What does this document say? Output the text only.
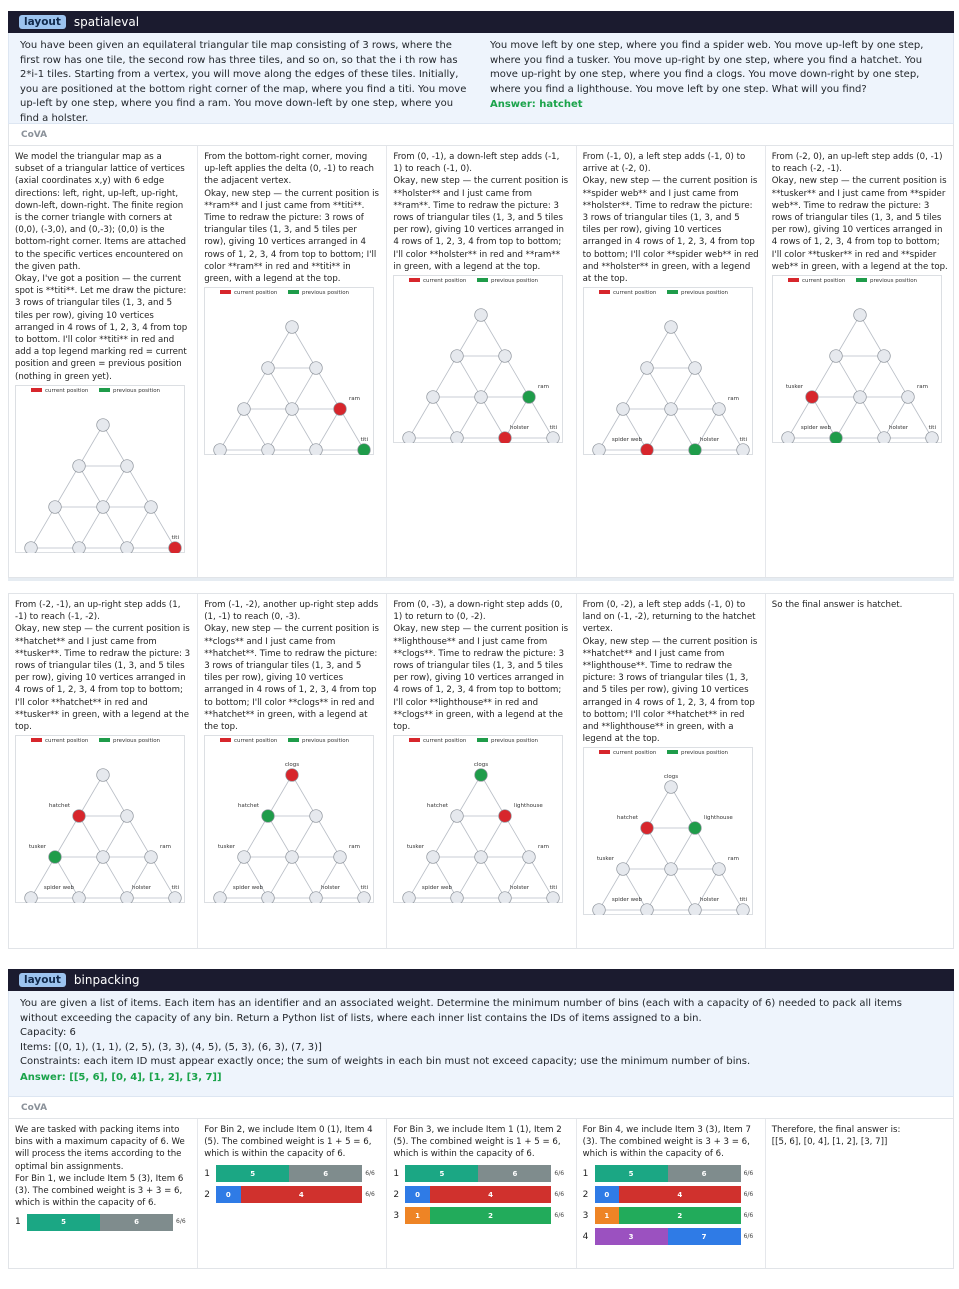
layout	spatialeval
You have been given an equilateral triangular tile map consisting of 3 rows, where the first row has one tile, the second row has three tiles, and so on, so that the i th row has 2*i-1 tiles. Starting from a vertex, you will move along the edges of these tiles. Initially, you are positioned at the bottom right corner of the map, where you find a titi. You move up-left by one step, where you find a ram. You move down-left by one step, where you find a holster.
You move left by one step, where you find a spider web. You move up-left by one step, where you find a tusker. You move up-right by one step, where you find a hatchet. You move up-right by one step, where you find a clogs. You move down-right by one step, where you find a lighthouse. You move left by one step. What will you find?
Answer: hatchet
CoVA
We model the triangular map as a subset of a triangular lattice of vertices (axial coordinates x,y) with 6 edge directions: left, right, up-left, up-right, down-left, down-right. The finite region is the corner triangle with corners at (0,0), (-3,0), and (0,-3); (0,0) is the bottom-right corner. Items are attached to the specific vertices encountered on the given path.
Okay, I've got a position — the current spot is **titi**. Let me draw the picture: 3 rows of triangular tiles (1, 3, and 5 tiles per row), giving 10 vertices arranged in 4 rows of 1, 2, 3, 4 from top to bottom. I'll color **titi** in red and add a top legend marking red = current position and green = previous position (nothing in green yet).
current position	previous position
titi
From the bottom-right corner, moving up-left applies the delta (0, -1) to reach the adjacent vertex.
Okay, new step — the current position is **ram** and I just came from **titi**. Time to redraw the picture: 3 rows of triangular tiles (1, 3, and 5 tiles per row), giving 10 vertices arranged in 4 rows of 1, 2, 3, 4 from top to bottom; I'll color **ram** in red and **titi** in green, with a legend at the top.
current position	previous position
titi
ram
From (0, -1), a down-left step adds (-1, 1) to reach (-1, 0).
Okay, new step — the current position is **holster** and I just came from **ram**. Time to redraw the picture: 3 rows of triangular tiles (1, 3, and 5 tiles per row), giving 10 vertices arranged in 4 rows of 1, 2, 3, 4 from top to bottom; I'll color **holster** in red and **ram** in green, with a legend at the top.
current position	previous position
titi
ram
holster
From (-1, 0), a left step adds (-1, 0) to arrive at (-2, 0).
Okay, new step — the current position is **spider web** and I just came from **holster**. Time to redraw the picture: 3 rows of triangular tiles (1, 3, and 5 tiles per row), giving 10 vertices arranged in 4 rows of 1, 2, 3, 4 from top to bottom; I'll color **spider web** in red and **holster** in green, with a legend at the top.
current position	previous position
titi
ram
holster
spider web
From (-2, 0), an up-left step adds (0, -1) to reach (-2, -1).
Okay, new step — the current position is **tusker** and I just came from **spider web**. Time to redraw the picture: 3 rows of triangular tiles (1, 3, and 5 tiles per row), giving 10 vertices arranged in 4 rows of 1, 2, 3, 4 from top to bottom; I'll color **tusker** in red and **spider web** in green, with a legend at the top.
current position	previous position
titi
ram
holster
spider web
tusker
From (-2, -1), an up-right step adds (1, -1) to reach (-1, -2).
Okay, new step — the current position is **hatchet** and I just came from **tusker**. Time to redraw the picture: 3 rows of triangular tiles (1, 3, and 5 tiles per row), giving 10 vertices arranged in 4 rows of 1, 2, 3, 4 from top to bottom; I'll color **hatchet** in red and **tusker** in green, with a legend at the top.
current position	previous position
titi
ram
holster
spider web
tusker
hatchet
From (-1, -2), another up-right step adds (1, -1) to reach (0, -3).
Okay, new step — the current position is **clogs** and I just came from **hatchet**. Time to redraw the picture: 3 rows of triangular tiles (1, 3, and 5 tiles per row), giving 10 vertices arranged in 4 rows of 1, 2, 3, 4 from top to bottom; I'll color **clogs** in red and **hatchet** in green, with a legend at the top.
current position	previous position
titi
ram
holster
spider web
tusker
hatchet
clogs
From (0, -3), a down-right step adds (0, 1) to return to (0, -2).
Okay, new step — the current position is **lighthouse** and I just came from **clogs**. Time to redraw the picture: 3 rows of triangular tiles (1, 3, and 5 tiles per row), giving 10 vertices arranged in 4 rows of 1, 2, 3, 4 from top to bottom; I'll color **lighthouse** in red and **clogs** in green, with a legend at the top.
current position	previous position
titi
ram
holster
spider web
tusker
hatchet
clogs
lighthouse
From (0, -2), a left step adds (-1, 0) to land on (-1, -2), returning to the hatchet vertex.
Okay, new step — the current position is **hatchet** and I just came from **lighthouse**. Time to redraw the picture: 3 rows of triangular tiles (1, 3, and 5 tiles per row), giving 10 vertices arranged in 4 rows of 1, 2, 3, 4 from top to bottom; I'll color **hatchet** in red and **lighthouse** in green, with a legend at the top.
current position	previous position
titi
ram
holster
spider web
tusker
hatchet
clogs
lighthouse
So the final answer is hatchet.
layout	binpacking
You are given a list of items. Each item has an identifier and an associated weight. Determine the minimum number of bins (each with a capacity of 6) needed to pack all items without exceeding the capacity of any bin. Return a Python list of lists, where each inner list contains the IDs of items assigned to a bin.
Capacity: 6
Items: [(0, 1), (1, 1), (2, 5), (3, 3), (4, 5), (5, 3), (6, 3), (7, 3)]
Constraints: each item ID must appear exactly once; the sum of weights in each bin must not exceed capacity; use the minimum number of bins.
Answer: [[5, 6], [0, 4], [1, 2], [3, 7]]
CoVA
We are tasked with packing items into bins with a maximum capacity of 6. We will process the items according to the optimal bin assignments.
For Bin 1, we include Item 5 (3), Item 6 (3). The combined weight is 3 + 3 = 6, which is within the capacity of 6.
1	5	6	6/6
For Bin 2, we include Item 0 (1), Item 4 (5). The combined weight is 1 + 5 = 6, which is within the capacity of 6.
1	5	6	6/6
2	0	4	6/6
For Bin 3, we include Item 1 (1), Item 2 (5). The combined weight is 1 + 5 = 6, which is within the capacity of 6.
1	5	6	6/6
2	0	4	6/6
3	1	2	6/6
For Bin 4, we include Item 3 (3), Item 7 (3). The combined weight is 3 + 3 = 6, which is within the capacity of 6.
1	5	6	6/6
2	0	4	6/6
3	1	2	6/6
4	3	7	6/6
Therefore, the final answer is:
[[5, 6], [0, 4], [1, 2], [3, 7]]
